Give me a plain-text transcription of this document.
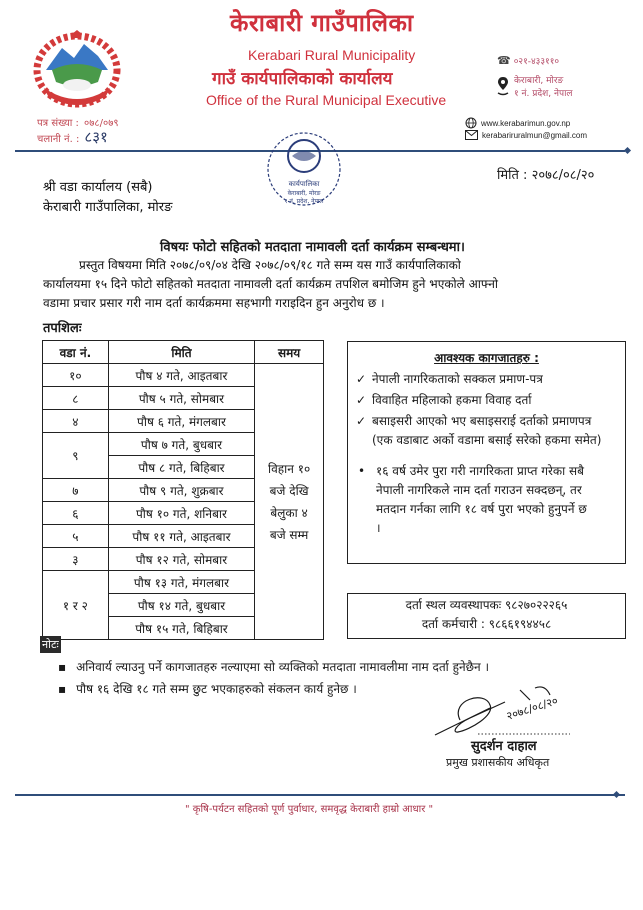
केराबारी गाउँपालिका
Kerabari Rural Municipality
गाउँ कार्यपालिकाको कार्यालय
Office of the Rural Municipal Executive
☎ ०२१-४३३११०
केराबारी, मोरङ
१ नं. प्रदेश, नेपाल
www.kerabarimun.gov.np
kerabariruralmun@gmail.com
पत्र संख्या : ०७८/०७९
चलानी नं. : ८३१
कार्यपालिका
केराबारी, मोरङ
१ नं. प्रदेश, नेपाल
मिति : २०७८/०८/२०
श्री वडा कार्यालय (सबै)
केराबारी गाउँपालिका, मोरङ
विषयः फोटो सहितको मतदाता नामावली दर्ता कार्यक्रम सम्बन्धमा।
प्रस्तुत विषयमा मिति २०७८/०९/०४ देखि २०७८/०९/१८ गते सम्म यस गाउँ कार्यपालिकाको
कार्यालयमा १५ दिने फोटो सहितको मतदाता नामावली दर्ता कार्यक्रम तपशिल बमोजिम हुने भएकोले आफ्नो
वडामा प्रचार प्रसार गरी नाम दर्ता कार्यक्रममा सहभागी गराइदिन हुन अनुरोध छ ।
तपशिलः
वडा नं.	मिति	समय
१०	पौष ४ गते, आइतबार	विहान १०
बजे देखि
बेलुका ४
बजे सम्म

८	पौष ५ गते, सोमबार	
४	पौष ६ गते, मंगलबार	
९	पौष ७ गते, बुधबार	
	पौष ८ गते, बिहिबार	
७	पौष ९ गते, शुक्रबार	
६	पौष १० गते, शनिबार	
५	पौष ११ गते, आइतबार	
३	पौष १२ गते, सोमबार	
१ र २	पौष १३ गते, मंगलबार	
	पौष १४ गते, बुधबार	
	पौष १५ गते, बिहिबार	
आवश्यक कागजातहरु :
✓ नेपाली नागरिकताको सक्कल प्रमाण-पत्र
✓ विवाहित महिलाको हकमा विवाह दर्ता
✓ बसाइसरी आएको भए बसाइसराई दर्ताको प्रमाणपत्र (एक वडाबाट अर्को वडामा बसाई सरेको हकमा समेत)
• १६ वर्ष उमेर पुरा गरी नागरिकता प्राप्त गरेका सबै नेपाली नागरिकले नाम दर्ता गराउन सक्दछन्, तर मतदान गर्नका लागि १८ वर्ष पुरा भएको हुनुपर्ने छ ।
दर्ता स्थल व्यवस्थापकः ९८२७०२२२६५
दर्ता कर्मचारी : ९८६६१९४४५८
नोटः
▪ अनिवार्य ल्याउनु पर्ने कागजातहरु नल्याएमा सो व्यक्तिको मतदाता नामावलीमा नाम दर्ता हुनेछैन ।
▪ पौष १६ देखि १८ गते सम्म छुट भएकाहरुको संकलन कार्य हुनेछ ।
२०७८/०८/२०
सुदर्शन दाहाल
प्रमुख प्रशासकीय अधिकृत
" कृषि-पर्यटन सहितको पूर्ण पुर्वाधार, समवृद्ध केराबारी हाम्रो आधार "
